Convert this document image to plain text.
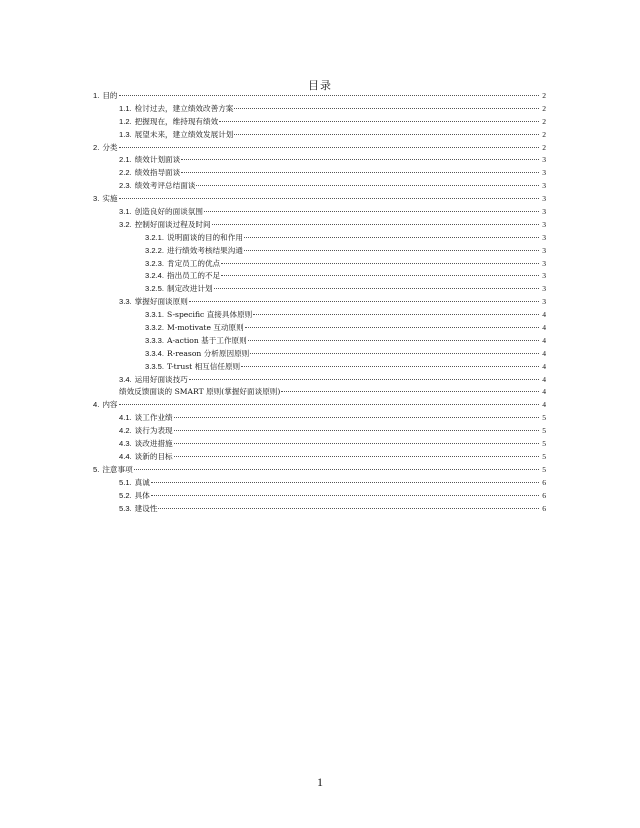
目录
1. 目的	2
1.1. 检讨过去，建立绩效改善方案	2
1.2. 把握现在，维持现有绩效	2
1.3. 展望未来，建立绩效发展计划	2
2. 分类	2
2.1. 绩效计划面谈	3
2.2. 绩效指导面谈	3
2.3. 绩效考评总结面谈	3
3. 实施	3
3.1. 创造良好的面谈氛围	3
3.2. 控制好面谈过程及时间	3
3.2.1. 说明面谈的目的和作用	3
3.2.2. 进行绩效考核结果沟通	3
3.2.3. 肯定员工的优点	3
3.2.4. 指出员工的不足	3
3.2.5. 制定改进计划	3
3.3. 掌握好面谈原则	3
3.3.1. S-specific 直接具体原则	4
3.3.2. M-motivate 互动原则	4
3.3.3. A-action 基于工作原则	4
3.3.4. R-reason 分析原因原则	4
3.3.5. T-trust 相互信任原则	4
3.4. 运用好面谈技巧	4
绩效反馈面谈的 SMART 原则(掌握好面谈原则)	4
4. 内容	4
4.1. 谈工作业绩	5
4.2. 谈行为表现	5
4.3. 谈改进措施	5
4.4. 谈新的目标	5
5. 注意事项	5
5.1. 真诚	6
5.2. 具体	6
5.3. 建设性	6
1
